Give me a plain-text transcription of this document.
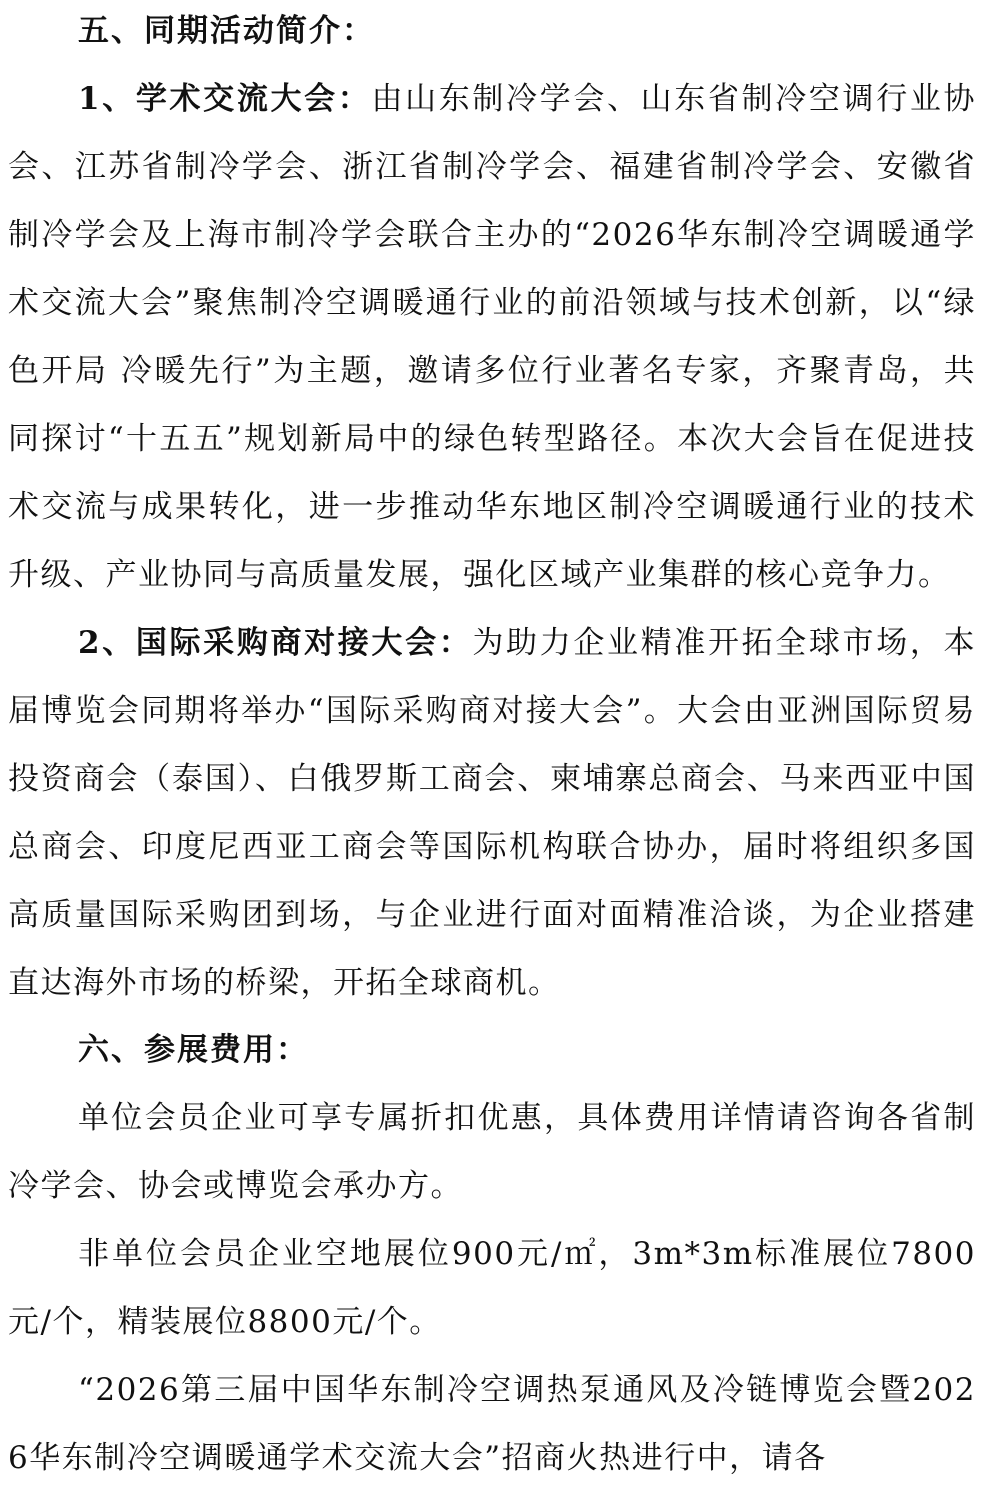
五、同期活动简介：

1、学术交流大会：由山东制冷学会、山东省制冷空调行业协会、江苏省制冷学会、浙江省制冷学会、福建省制冷学会、安徽省制冷学会及上海市制冷学会联合主办的“2026华东制冷空调暖通学术交流大会”聚焦制冷空调暖通行业的前沿领域与技术创新，以“绿色开局 冷暖先行”为主题，邀请多位行业著名专家，齐聚青岛，共同探讨“十五五”规划新局中的绿色转型路径。本次大会旨在促进技术交流与成果转化，进一步推动华东地区制冷空调暖通行业的技术升级、产业协同与高质量发展，强化区域产业集群的核心竞争力。

2、国际采购商对接大会：为助力企业精准开拓全球市场，本届博览会同期将举办“国际采购商对接大会”。大会由亚洲国际贸易投资商会（泰国）、白俄罗斯工商会、柬埔寨总商会、马来西亚中国总商会、印度尼西亚工商会等国际机构联合协办，届时将组织多国高质量国际采购团到场，与企业进行面对面精准洽谈，为企业搭建直达海外市场的桥梁，开拓全球商机。

六、参展费用：

单位会员企业可享专属折扣优惠，具体费用详情请咨询各省制冷学会、协会或博览会承办方。

非单位会员企业空地展位900元/㎡，3m*3m标准展位7800元/个，精装展位8800元/个。

“2026第三届中国华东制冷空调热泵通风及冷链博览会暨2026华东制冷空调暖通学术交流大会”招商火热进行中，请各
